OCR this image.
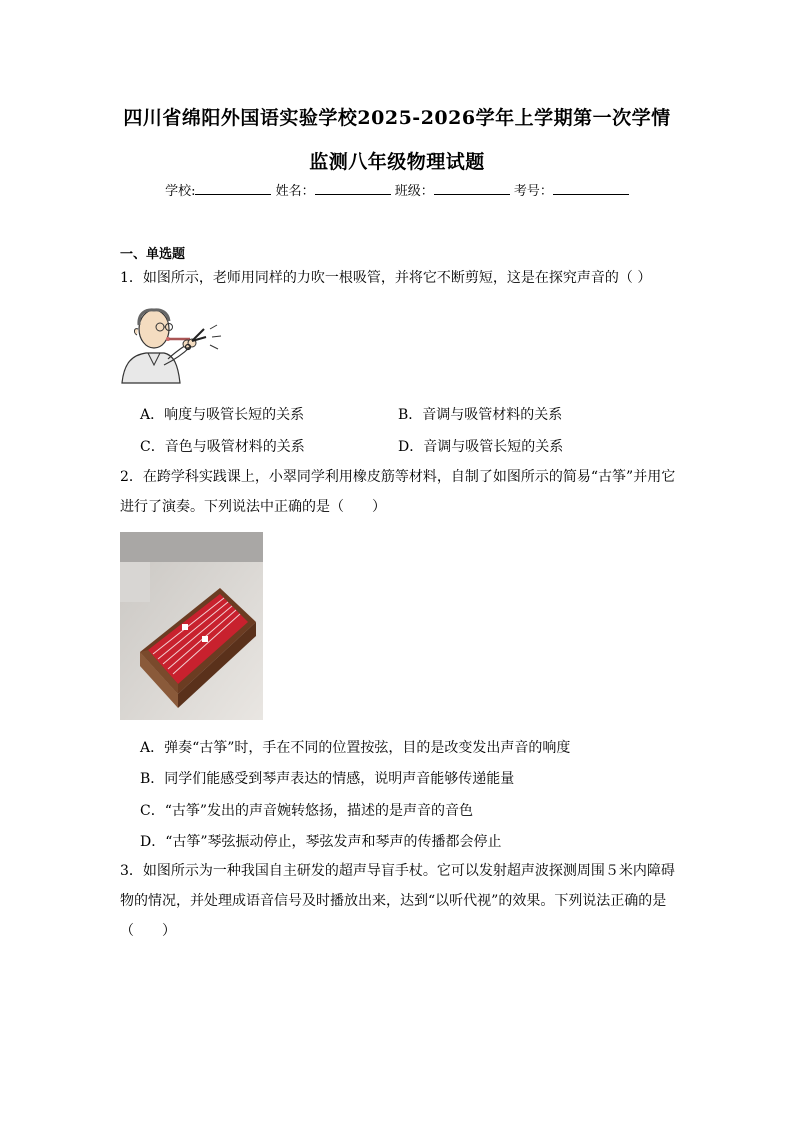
四川省绵阳外国语实验学校2025-2026学年上学期第一次学情
监测八年级物理试题
学校:	姓名：	班级：	考号：
一、单选题
1．如图所示，老师用同样的力吹一根吸管，并将它不断剪短，这是在探究声音的（ ）
A．响度与吸管长短的关系	B．音调与吸管材料的关系
C．音色与吸管材料的关系	D．音调与吸管长短的关系
2．在跨学科实践课上，小翠同学利用橡皮筋等材料，自制了如图所示的简易“古筝”并用它
进行了演奏。下列说法中正确的是（　　）
A．弹奏“古筝”时，手在不同的位置按弦，目的是改变发出声音的响度
B．同学们能感受到琴声表达的情感，说明声音能够传递能量
C．“古筝”发出的声音婉转悠扬，描述的是声音的音色
D．“古筝”琴弦振动停止，琴弦发声和琴声的传播都会停止
3．如图所示为一种我国自主研发的超声导盲手杖。它可以发射超声波探测周围５米内障碍
物的情况，并处理成语音信号及时播放出来，达到“以听代视”的效果。下列说法正确的是
（　　）
